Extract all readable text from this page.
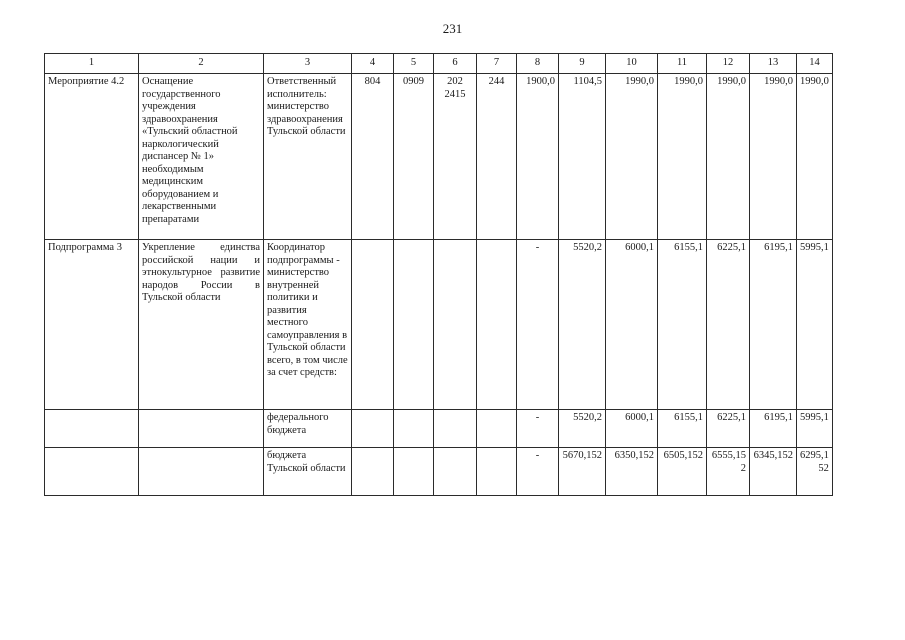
231
1	2	3	4	5	6	7	8	9	10	11	12	13	14
Мероприятие 4.2	Оснащение государственного учреждения здравоохранения «Тульский областной наркологический диспансер № 1» необходимым медицинским оборудованием и лекарственными препаратами	Ответственный исполнитель: министерство здравоохранения Тульской области	804	0909	202 2415	244	1900,0	1104,5	1990,0	1990,0	1990,0	1990,0	1990,0
Подпрограмма 3	Укрепление единства российской нации и этнокультурное развитие народов России в Тульской области	Координатор подпрограммы - министерство внутренней политики и развития местного самоуправления в Тульской области всего, в том числе за счет средств:					-	5520,2	6000,1	6155,1	6225,1	6195,1	5995,1
		федерального бюджета					-	5520,2	6000,1	6155,1	6225,1	6195,1	5995,1
		бюджета Тульской области					-	5670,152	6350,152	6505,152	6555,152	6345,152	6295,152
